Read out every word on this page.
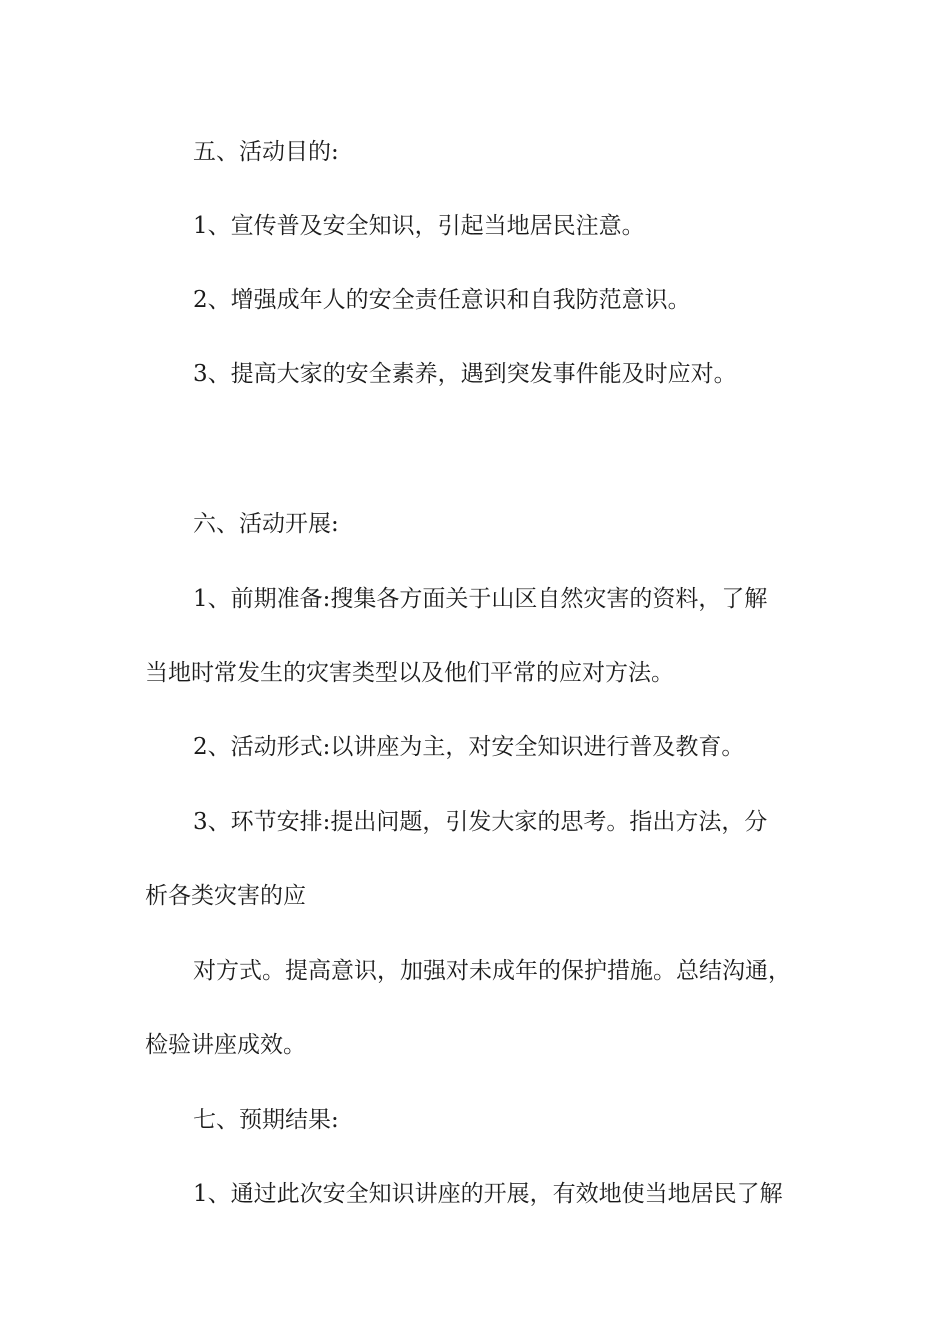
五、活动目的:

1、宣传普及安全知识，引起当地居民注意。

2、增强成年人的安全责任意识和自我防范意识。

3、提高大家的安全素养，遇到突发事件能及时应对。

六、活动开展:

1、前期准备:搜集各方面关于山区自然灾害的资料，了解

当地时常发生的灾害类型以及他们平常的应对方法。

2、活动形式:以讲座为主，对安全知识进行普及教育。

3、环节安排:提出问题，引发大家的思考。指出方法，分

析各类灾害的应

对方式。提高意识，加强对未成年的保护措施。总结沟通，

检验讲座成效。

七、预期结果:

1、通过此次安全知识讲座的开展，有效地使当地居民了解
